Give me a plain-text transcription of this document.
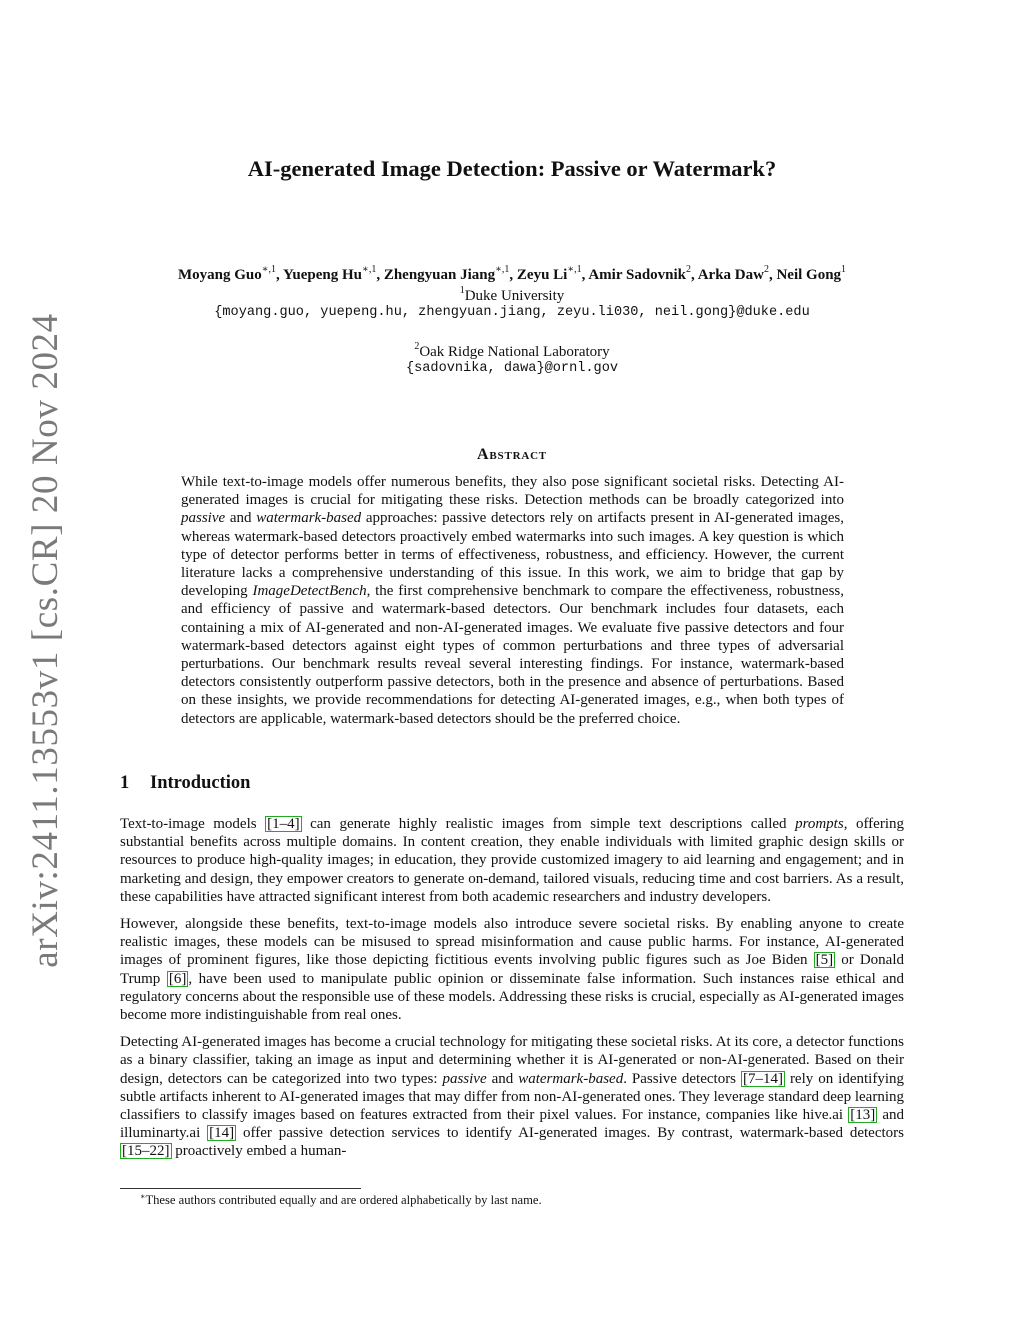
arXiv:2411.13553v1 [cs.CR] 20 Nov 2024
AI-generated Image Detection: Passive or Watermark?
Moyang Guo$^{∗,1}$, Yuepeng $Hu^{∗,1}$, Zhengyuan Jiang$^{∗,1}$, Zeyu $Li^{∗,1}$, Amir Sadovnik$^2$, Arka Daw$^2$, Neil Gong$^1$
$^1$Duke University
{moyang.guo, yuepeng.hu, zhengyuan.jiang, zeyu.li030, neil.gong}@duke.edu
$^2$Oak Ridge National Laboratory
{sadovnika, dawa}@ornl.gov
Abstract

While text-to-image models offer numerous benefits, they also pose significant societal risks. Detecting AI-generated images is crucial for mitigating these risks. Detection methods can be broadly categorized into passive and watermark-based approaches: passive detectors rely on artifacts present in AI-generated images, whereas watermark-based detectors proactively embed watermarks into such images. A key question is which type of detector performs better in terms of effectiveness, robustness, and efficiency. However, the current literature lacks a comprehensive understanding of this issue. In this work, we aim to bridge that gap by developing ImageDetectBench, the first comprehensive benchmark to compare the effectiveness, robustness, and efficiency of passive and watermark-based detectors. Our benchmark includes four datasets, each containing a mix of AI-generated and non-AI-generated images. We evaluate five passive detectors and four watermark-based detectors against eight types of common perturbations and three types of adversarial perturbations. Our benchmark results reveal several interesting findings. For instance, watermark-based detectors consistently outperform passive detectors, both in the presence and absence of perturbations. Based on these insights, we provide recommendations for detecting AI-generated images, e.g., when both types of detectors are applicable, watermark-based detectors should be the preferred choice.

1 Introduction

Text-to-image models [1–4] can generate highly realistic images from simple text descriptions called prompts, offering substantial benefits across multiple domains. In content creation, they enable individuals with limited graphic design skills or resources to produce high-quality images; in education, they provide customized imagery to aid learning and engagement; and in marketing and design, they empower creators to generate on-demand, tailored visuals, reducing time and cost barriers. As a result, these capabilities have attracted significant interest from both academic researchers and industry developers.

However, alongside these benefits, text-to-image models also introduce severe societal risks. By enabling anyone to create realistic images, these models can be misused to spread misinformation and cause public harms. For instance, AI-generated images of prominent figures, like those depicting fictitious events involving public figures such as Joe Biden [5] or Donald Trump [6] , have been used to manipulate public opinion or disseminate false information. Such instances raise ethical and regulatory concerns about the responsible use of these models. Addressing these risks is crucial, especially as AI-generated images become more indistinguishable from real ones.

Detecting AI-generated images has become a crucial technology for mitigating these societal risks. At its core, a detector functions as a binary classifier, taking an image as input and determining whether it is AI-generated or non-AI-generated. Based on their design, detectors can be categorized into two types: passive and watermark-based. Passive detectors [7–14] rely on identifying subtle artifacts inherent to AI-generated images that may differ from non-AI-generated ones. They leverage standard deep learning classifiers to classify images based on features extracted from their pixel values. For instance, companies like hive.ai [13] and illuminarty.ai [14] offer passive detection services to identify AI-generated images. By contrast, watermark-based detectors [15–22] proactively embed a human-

∗These authors contributed equally and are ordered alphabetically by last name.
